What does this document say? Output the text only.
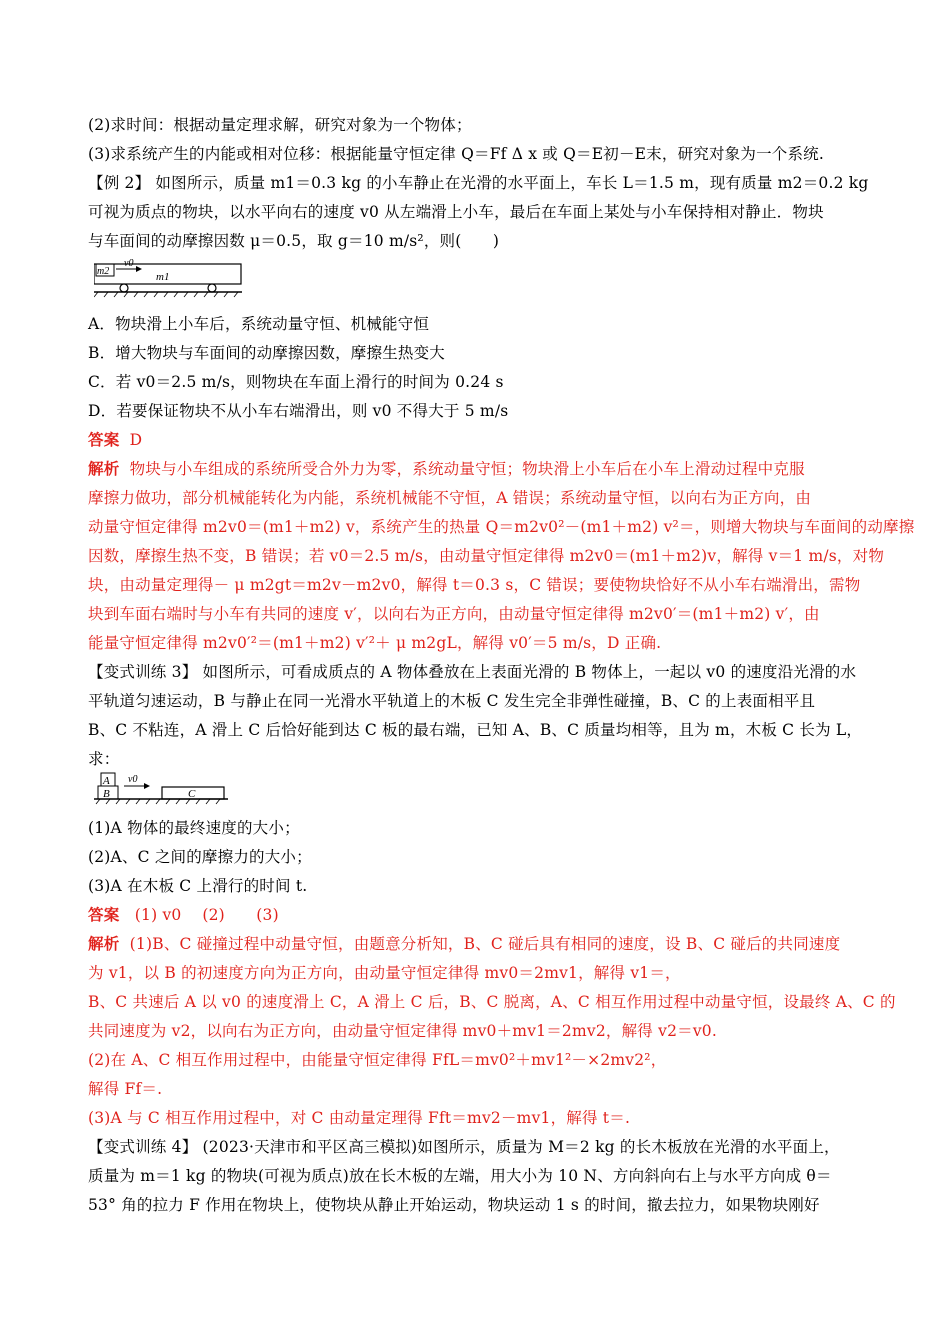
(2)求时间：根据动量定理求解，研究对象为一个物体；
(3)求系统产生的内能或相对位移：根据能量守恒定律 Q＝Ff Δ x 或 Q＝E初－E末，研究对象为一个系统.
【例 2】 如图所示，质量 m1＝0.3 kg 的小车静止在光滑的水平面上，车长 L＝1.5 m，现有质量 m2＝0.2 kg
可视为质点的物块，以水平向右的速度 v0 从左端滑上小车，最后在车面上某处与小车保持相对静止．物块
与车面间的动摩擦因数 μ＝0.5，取 g＝10 m/s²，则(　　)
m2
v0
m1
A．物块滑上小车后，系统动量守恒、机械能守恒
B．增大物块与车面间的动摩擦因数，摩擦生热变大
C．若 v0＝2.5 m/s，则物块在车面上滑行的时间为 0.24 s
D．若要保证物块不从小车右端滑出，则 v0 不得大于 5 m/s
答案 D
解析 物块与小车组成的系统所受合外力为零，系统动量守恒；物块滑上小车后在小车上滑动过程中克服
摩擦力做功，部分机械能转化为内能，系统机械能不守恒，A 错误；系统动量守恒，以向右为正方向，由
动量守恒定律得 m2v0＝(m1＋m2) v，系统产生的热量 Q＝m2v0²－(m1＋m2) v²＝，则增大物块与车面间的动摩擦
因数，摩擦生热不变，B 错误；若 v0＝2.5 m/s，由动量守恒定律得 m2v0＝(m1＋m2)v，解得 v＝1 m/s，对物
块，由动量定理得－ μ m2gt＝m2v－m2v0，解得 t＝0.3 s，C 错误；要使物块恰好不从小车右端滑出，需物
块到车面右端时与小车有共同的速度 v′，以向右为正方向，由动量守恒定律得 m2v0′＝(m1＋m2) v′，由
能量守恒定律得 m2v0′²＝(m1＋m2) v′²＋ μ m2gL，解得 v0′＝5 m/s，D 正确.
【变式训练 3】 如图所示，可看成质点的 A 物体叠放在上表面光滑的 B 物体上，一起以 v0 的速度沿光滑的水
平轨道匀速运动，B 与静止在同一光滑水平轨道上的木板 C 发生完全非弹性碰撞，B、C 的上表面相平且
B、C 不粘连，A 滑上 C 后恰好能到达 C 板的最右端，已知 A、B、C 质量均相等，且为 m，木板 C 长为 L，
求：
A
B
v0
C
(1)A 物体的最终速度的大小；
(2)A、C 之间的摩擦力的大小；
(3)A 在木板 C 上滑行的时间 t.
答案 (1) v0　 (2)　　(3)
解析 (1)B、C 碰撞过程中动量守恒，由题意分析知，B、C 碰后具有相同的速度，设 B、C 碰后的共同速度
为 v1，以 B 的初速度方向为正方向，由动量守恒定律得 mv0＝2mv1，解得 v1＝，
B、C 共速后 A 以 v0 的速度滑上 C，A 滑上 C 后，B、C 脱离，A、C 相互作用过程中动量守恒，设最终 A、C 的
共同速度为 v2，以向右为正方向，由动量守恒定律得 mv0＋mv1＝2mv2，解得 v2＝v0.
(2)在 A、C 相互作用过程中，由能量守恒定律得 FfL＝mv0²＋mv1²－×2mv2²，
解得 Ff＝.
(3)A 与 C 相互作用过程中，对 C 由动量定理得 Fft＝mv2－mv1，解得 t＝.
【变式训练 4】 (2023·天津市和平区高三模拟)如图所示，质量为 M＝2 kg 的长木板放在光滑的水平面上，
质量为 m＝1 kg 的物块(可视为质点)放在长木板的左端，用大小为 10 N、方向斜向右上与水平方向成 θ＝
53° 角的拉力 F 作用在物块上，使物块从静止开始运动，物块运动 1 s 的时间，撤去拉力，如果物块刚好
